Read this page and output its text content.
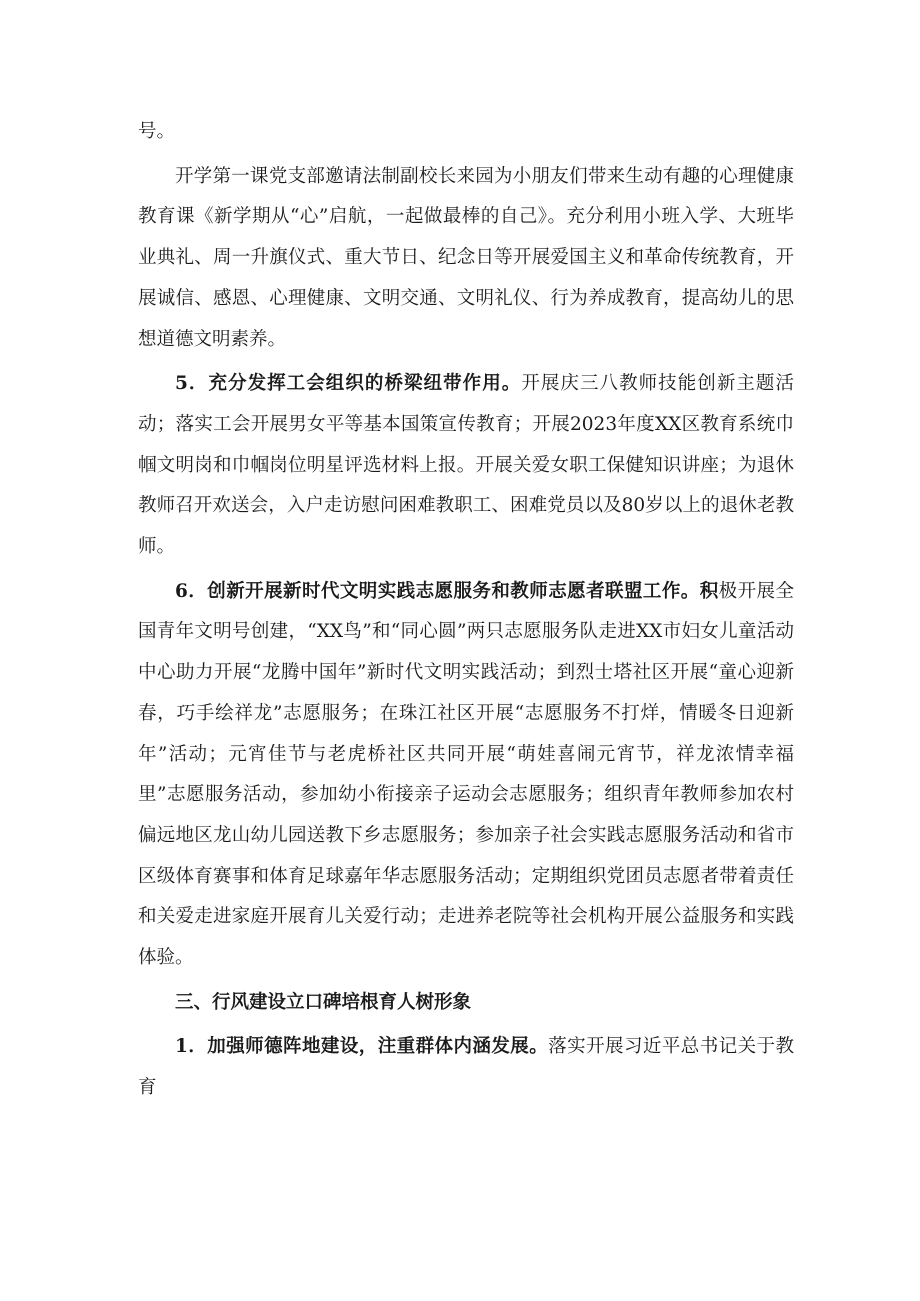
号。

开学第一课党支部邀请法制副校长来园为小朋友们带来生动有趣的心理健康教育课《新学期从“心”启航，一起做最棒的自己》。充分利用小班入学、大班毕业典礼、周一升旗仪式、重大节日、纪念日等开展爱国主义和革命传统教育，开展诚信、感恩、心理健康、文明交通、文明礼仪、行为养成教育，提高幼儿的思想道德文明素养。

5．充分发挥工会组织的桥梁纽带作用。开展庆三八教师技能创新主题活动；落实工会开展男女平等基本国策宣传教育；开展2023年度XX区教育系统巾帼文明岗和巾帼岗位明星评选材料上报。开展关爱女职工保健知识讲座；为退休教师召开欢送会，入户走访慰问困难教职工、困难党员以及80岁以上的退休老教师。

6．创新开展新时代文明实践志愿服务和教师志愿者联盟工作。积极开展全国青年文明号创建，“XX鸟”和“同心圆”两只志愿服务队走进XX市妇女儿童活动中心助力开展“龙腾中国年”新时代文明实践活动；到烈士塔社区开展“童心迎新春，巧手绘祥龙”志愿服务；在珠江社区开展“志愿服务不打烊，情暖冬日迎新年”活动；元宵佳节与老虎桥社区共同开展“萌娃喜闹元宵节，祥龙浓情幸福里”志愿服务活动，参加幼小衔接亲子运动会志愿服务；组织青年教师参加农村偏远地区龙山幼儿园送教下乡志愿服务；参加亲子社会实践志愿服务活动和省市区级体育赛事和体育足球嘉年华志愿服务活动；定期组织党团员志愿者带着责任和关爱走进家庭开展育儿关爱行动；走进养老院等社会机构开展公益服务和实践体验。

三、行风建设立口碑培根育人树形象

1．加强师德阵地建设，注重群体内涵发展。落实开展习近平总书记关于教育
